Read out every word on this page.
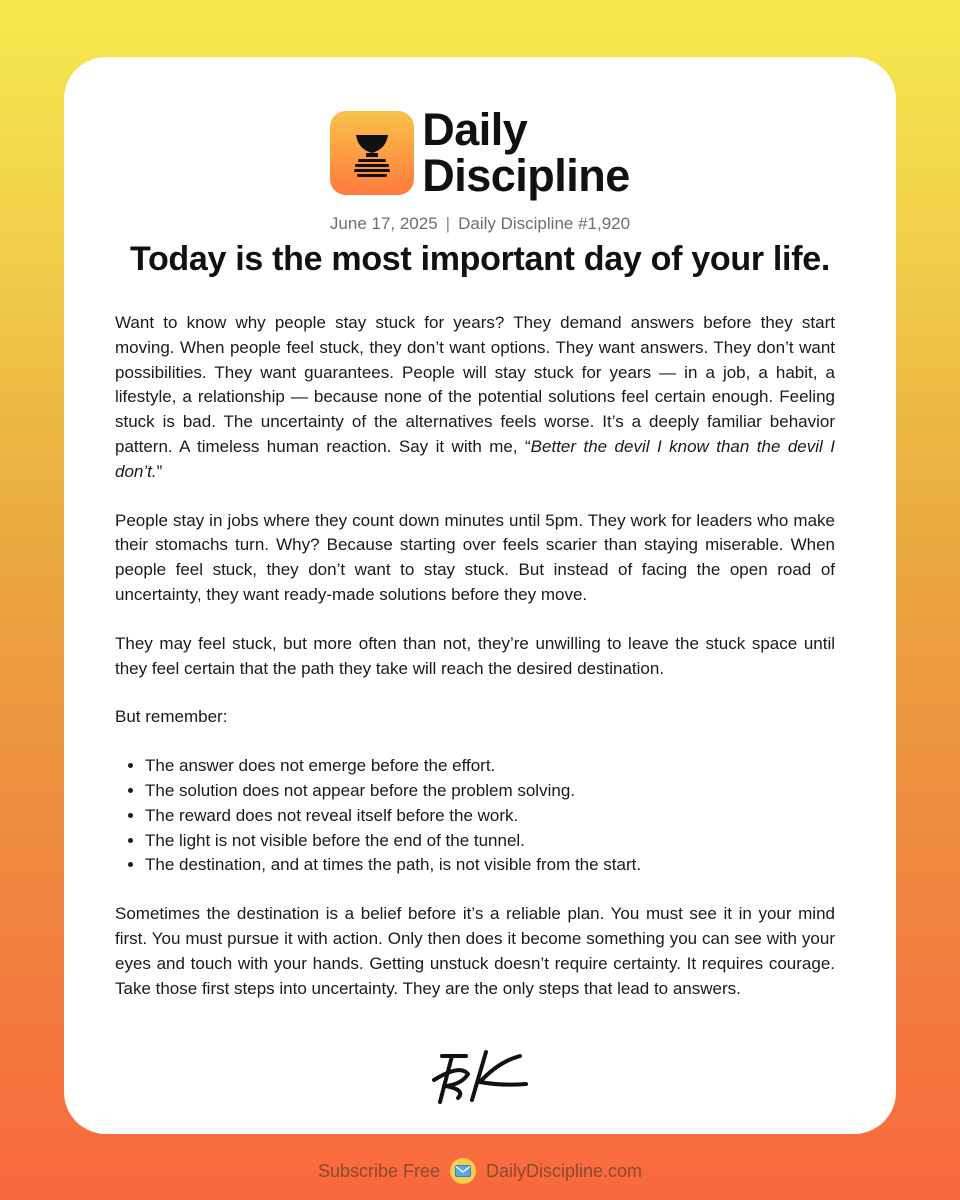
Daily
Discipline
June 17, 2025 | Daily Discipline #1,920
Today is the most important day of your life.

Want to know why people stay stuck for years? They demand answers before they start moving. When people feel stuck, they don’t want options. They want answers. They don’t want possibilities. They want guarantees. People will stay stuck for years — in a job, a habit, a lifestyle, a relationship — because none of the potential solutions feel certain enough. Feeling stuck is bad. The uncertainty of the alternatives feels worse. It’s a deeply familiar behavior pattern. A timeless human reaction. Say it with me, “Better the devil I know than the devil I don’t.”

People stay in jobs where they count down minutes until 5pm. They work for leaders who make their stomachs turn. Why? Because starting over feels scarier than staying miserable. When people feel stuck, they don’t want to stay stuck. But instead of facing the open road of uncertainty, they want ready-made solutions before they move.

They may feel stuck, but more often than not, they’re unwilling to leave the stuck space until they feel certain that the path they take will reach the desired destination.

But remember:

• The answer does not emerge before the effort.
• The solution does not appear before the problem solving.
• The reward does not reveal itself before the work.
• The light is not visible before the end of the tunnel.
• The destination, and at times the path, is not visible from the start.

Sometimes the destination is a belief before it’s a reliable plan. You must see it in your mind first. You must pursue it with action. Only then does it become something you can see with your eyes and touch with your hands. Getting unstuck doesn’t require certainty. It requires courage. Take those first steps into uncertainty. They are the only steps that lead to answers.

Subscribe Free	DailyDiscipline.com
